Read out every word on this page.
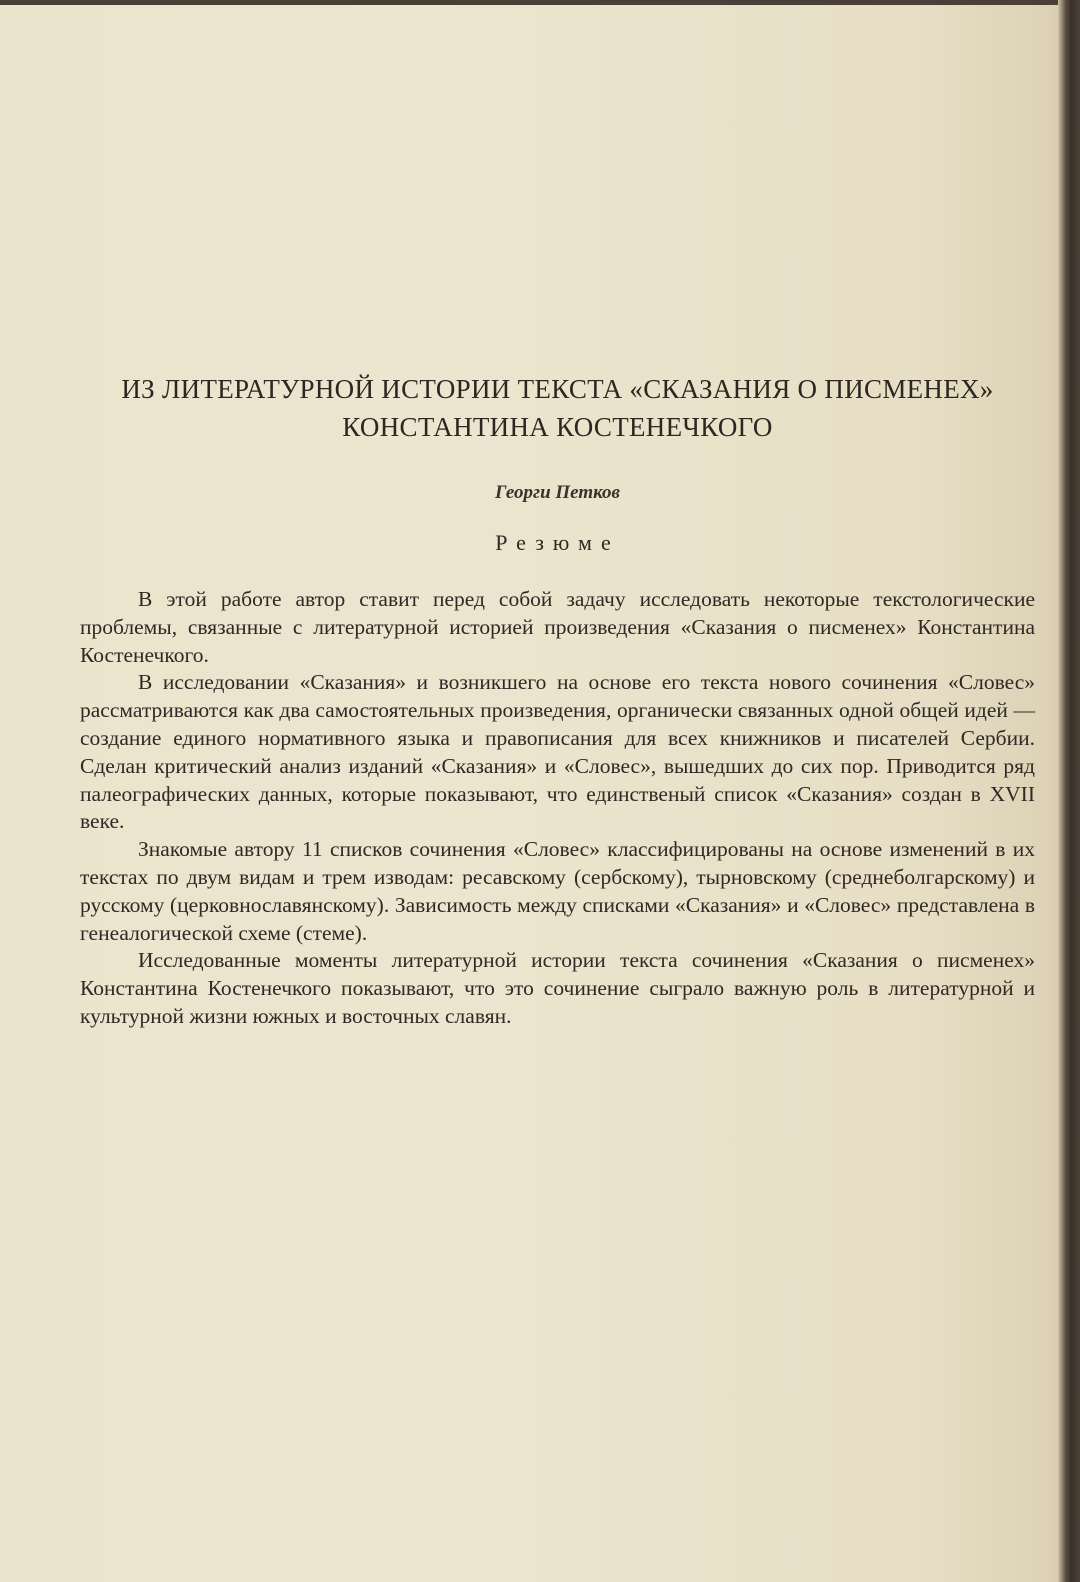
ИЗ ЛИТЕРАТУРНОЙ ИСТОРИИ ТЕКСТА «СКАЗАНИЯ О ПИСМЕНЕХ»
КОНСТАНТИНА КОСТЕНЕЧКОГО
Георги Петков
Резюме

В этой работе автор ставит перед собой задачу исследовать некоторые текстологические проблемы, связанные с литературной историей произведения «Сказания о писменех» Константина Костенечкого.

В исследовании «Сказания» и возникшего на основе его текста нового сочинения «Словес» рассматриваются как два самостоятельных произведения, органически связанных одной общей идей — создание единого нормативного языка и правописания для всех книжников и писателей Сербии. Сделан критический анализ изданий «Сказания» и «Словес», вышедших до сих пор. Приводится ряд палеографических данных, которые показывают, что единственый список «Сказания» создан в XVII веке.

Знакомые автору 11 списков сочинения «Словес» классифицированы на основе изменений в их текстах по двум видам и трем изводам: ресавскому (сербскому), тырновскому (среднеболгарскому) и русскому (церковнославянскому). Зависимость между списками «Сказания» и «Словес» представлена в генеалогической схеме (стеме).

Исследованные моменты литературной истории текста сочинения «Сказания о писменех» Константина Костенечкого показывают, что это сочинение сыграло важную роль в литературной и культурной жизни южных и восточных славян.
